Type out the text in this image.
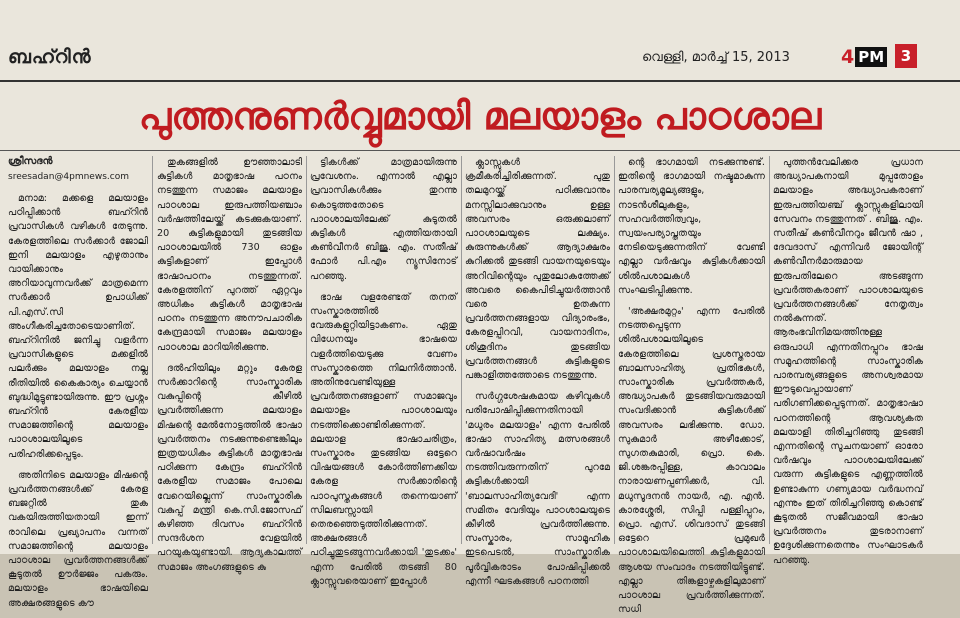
ബഹ്റിൻ	വെള്ളി, മാർച്ച് 15, 2013	4 PM	3
പുത്തനുണർവ്വുമായി മലയാളം പാഠശാല
ശ്രീസദൻ
sreesadan@4pmnews.com

മനാമ: മക്കളെ മലയാളം പഠിപ്പിക്കാൻ ബഹ്റിൻ പ്രവാസികൾ വഴികൾ തേടുന്നു. കേരളത്തിലെ സർക്കാർ ജോലി ഇനി മലയാളം എഴുതാനും വായിക്കാനും അറിയാവുന്നവർക്ക് മാത്രമെന്ന സർക്കാർ ഉപാധിക്ക് പി.എസ്.സി അംഗീകരിച്ചതോടെയാണിത്. ബഹ്റിനിൽ ജനിച്ചു വളർന്ന പ്രവാസികളുടെ മക്കളിൽ പലർക്കും മലയാളം നല്ല രീതിയിൽ കൈകാര്യം ചെയ്യാൻ ബുദ്ധിമുട്ടുണ്ടായിരുന്നു. ഈ പ്രശ്നം ബഹ്റിൻ കേരളീയ സമാജത്തിന്റെ മലയാളം പാഠശാലയിലൂടെ പരിഹരിക്കപ്പെടും.

അതിനിടെ മലയാളം മിഷന്റെ പ്രവർത്തനങ്ങൾക്ക് കേരള ബജറ്റിൽ തുക വകയിരുത്തിയതായി ഇന്ന് രാവിലെ പ്രഖ്യാപനം വന്നത് സമാജത്തിന്റെ മലയാളം പാഠശാല പ്രവർത്തനങ്ങൾക്ക് കൂടുതൽ ഊർജ്ജം പകരും. മലയാളം ഭാഷയിലെ അക്ഷരങ്ങളുടെ കൗ

തുകങ്ങളിൽ ഊഞ്ഞാലാടി കുട്ടികൾ മാതൃഭാഷ പഠനം നടത്തുന്ന സമാജം മലയാളം പാഠശാല ഇരുപത്തിയഞ്ചാം വർഷത്തിലേയ്ക്ക് കടക്കുകയാണ്. 20 കുട്ടികളുമായി തുടങ്ങിയ പാഠശാലയിൽ 730 ഓളം കുട്ടികളാണ് ഇപ്പോൾ ഭാഷാപഠനം നടത്തുന്നത്. കേരളത്തിന് പുറത്ത് ഏറ്റവും അധികം കുട്ടികൾ മാതൃഭാഷ പഠനം നടത്തുന്ന അനൗപചാരിക കേന്ദ്രമായി സമാജം മലയാളം പാഠശാല മാറിയിരിക്കുന്നു.

ദൽഹിയിലും മറ്റും കേരള സർക്കാറിന്റെ സാംസ്കാരിക വകുപ്പിന്റെ കീഴിൽ പ്രവർത്തിക്കുന്ന മലയാളം മിഷന്റെ മേൽനോട്ടത്തിൽ ഭാഷാ പ്രവർത്തനം നടക്കുന്നുണ്ടെങ്കിലും ഇത്രയധികം കുട്ടികൾ മാതൃഭാഷ പഠിക്കുന്ന കേന്ദ്രം ബഹ്റിൻ കേരളീയ സമാജം പോലെ വേറെയില്ലെന്ന് സാംസ്കാരിക വകുപ്പ് മന്ത്രി കെ.സി.ജോസഫ് കഴിഞ്ഞ ദിവസം ബഹ്റിൻ സന്ദർശന വേളയിൽ പറയുകയുണ്ടായി. ആദ്യകാലത്ത് സമാജം അംഗങ്ങളുടെ കു

ട്ടികൾക്ക് മാത്രമായിരുന്നു പ്രവേശനം. എന്നാൽ എല്ലാ പ്രവാസികൾക്കും തുറന്നു കൊടുത്തതോടെ പാഠശാലയിലേക്ക് കുടുതൽ കുട്ടികൾ എത്തിയതായി കൺവീനർ ബിജു. എം. സതീഷ് ഫോർ പി.എം ന്യൂസിനോട് പറഞ്ഞു.

ഭാഷ വളരേണ്ടത് തനത് സംസ്കാരത്തിൽ വേരുകളുറ്റിയിട്ടാകണം. ഏതു വിധേനയും ഭാഷയെ വളർത്തിയെടുക്കു വേണം സംസ്കാരത്തെ നിലനിർത്താൻ. അതിനുവേണ്ടിയുള്ള പ്രവർത്തനങ്ങളാണ് സമാജവും മലയാളം പാഠശാലയും നടത്തിക്കൊണ്ടിരിക്കുന്നത്. മലയാള ഭാഷാചരിത്രം, സംസ്കാരം തുടങ്ങിയ ഒട്ടേറെ വിഷയങ്ങൾ കോർത്തിണക്കിയ കേരള സർക്കാരിന്റെ പാഠപുസ്തകങ്ങൾ തന്നെയാണ് സിലബസ്സായി തെരഞ്ഞെടുത്തിരിക്കുന്നത്. അക്ഷരങ്ങൾ പഠിച്ചുതുടങ്ങുന്നവർക്കായി 'തുടക്കം' എന്ന പേരിൽ തടങ്ങി 80 ക്ലാസ്സുവരെയാണ് ഇപ്പോൾ

ക്ലാസ്സുകൾ ക്രമീകരിച്ചിരിക്കുന്നത്. പുതു തലമുറയ്ക്ക് പഠിക്കുവാനും മനസ്സിലാക്കുവാനും ഉള്ള അവസരം ഒരുക്കലാണ് പാഠശാലയുടെ ലക്ഷ്യം. കുരുന്നുകൾക്ക് ആദ്യാക്ഷരം കുറിക്കൽ തുടങ്ങി വായനയുടെയും അറിവിന്റെയും പുതുലോകത്തേക്ക് അവരെ കൈപിടിച്ചുയർത്താൻ വരെ ഉതകുന്ന പ്രവർത്തനങ്ങളായ വിദ്യാരംഭം, കേരളപ്പിറവി, വായനാദിനം, ശിശുദിനം തുടങ്ങിയ പ്രവർത്തനങ്ങൾ കുട്ടികളുടെ പങ്കാളിത്തത്തോടെ നടത്തുന്നു.

സർഗ്ഗശേഷകമായ കഴിവുകൾ പരിപോഷിപ്പിക്കുന്നതിനായി 'മധുരം മലയാളം' എന്ന പേരിൽ ഭാഷാ സാഹിത്യ മത്സരങ്ങൾ വർഷാവർഷം നടത്തിവരുന്നതിന് പുറമേ കുട്ടികൾക്കായി 'ബാലസാഹിത്യവേദി' എന്ന സമിതം വേദിയും പാഠശാലയുടെ കീഴിൽ പ്രവർത്തിക്കുന്നു. സംസ്കാരം, സാമൂഹിക ഇടപെടൽ, സാംസ്കാരിക പൂർവ്വികരാടം പോഷിപ്പിക്കൽ എന്നീ ഘടകങ്ങൾ പഠനത്തി

ന്റെ ഭാഗമായി നടക്കുന്നുണ്ട്. ഇതിന്റെ ഭാഗമായി നഷ്ടമാകുന്ന പാരമ്പര്യമൂല്യങ്ങളും, നാടൻശീലുകളും, സഹവർത്തിത്വവും, സ്വയംപര്യാപ്തതയും നേടിയെടുക്കുന്നതിന് വേണ്ടി എല്ലാ വർഷവും കുട്ടികൾക്കായി ശിൽപശാലകൾ സംഘടിപ്പിക്കുന്നു.

'അക്ഷരമുറ്റം' എന്ന പേരിൽ നടത്തപ്പെടുന്ന ശിൽപശാലയിലൂടെ കേരളത്തിലെ പ്രശസ്തരായ ബാലസാഹിത്യ പ്രതിഭകൾ, സാംസ്കാരിക പ്രവർത്തകർ, അദ്ധ്യാപകർ തുടങ്ങിയവരുമായി സംവദിക്കാൻ കുട്ടികൾക്ക് അവസരം ലഭിക്കുന്നു. ഡോ. സുകുമാർ അഴീക്കോട്, സുഗതകുമാരി, പ്രൊ. കെ. ജി.ശങ്കരപ്പിള്ള, കാവാലം നാരായണപ്പണിക്കർ, വി. മധുസൂദനൻ നായർ, എ. എൻ. കാരശ്ശേരി, സിപ്പി പള്ളിപ്പുറം, പ്രൊ. എസ്. ശിവദാസ് തുടങ്ങി ഒട്ടേറെ പ്രമുഖർ പാഠശാലയിലെത്തി കുട്ടികളുമായി ആശയ സംവാദം നടത്തിയിട്ടുണ്ട്. എല്ലാ തിങ്കളാഴ്ചകളിലുമാണ് പാഠശാല പ്രവർത്തിക്കുന്നത്. സധി

പുത്തൻവേലിക്കര പ്രധാന അദ്ധ്യാപകനായി മുപ്പതോളം മലയാളം അദ്ധ്യാപകരാണ് ഇരുപത്തിയഞ്ച് ക്ലാസ്സുകളിലായി സേവനം നടത്തുന്നത് . ബിജു. എം. സതീഷ് കൺവീനറും ജീവൻ ഷാ , ദേവദാസ് എന്നിവർ ജോയിന്റ് കൺവീനർമാരുമായ ഇരുപതിലേറെ അടങ്ങുന്ന പ്രവർത്തകരാണ് പാഠശാലയുടെ പ്രവർത്തനങ്ങൾക്ക് നേതൃത്വം നൽകുന്നത്. ആരംഭവിനിമയത്തിനുള്ള ഒരുപാധി എന്നതിനപ്പുറം ഭാഷ സമൂഹത്തിന്റെ സാംസ്കാരിക പാരമ്പര്യങ്ങളുടെ അനശ്വരമായ ഈടുവെപ്പായാണ് പരിഗണിക്കപ്പെടുന്നത്. മാതൃഭാഷാ പഠനത്തിന്റെ ആവശ്യകത മലയാളി തിരിച്ചറിഞ്ഞു തുടങ്ങി എന്നതിന്റെ സൂചനയാണ് ഓരോ വർഷവും പാഠശാലയിലേക്ക് വരുന്ന കുട്ടികളുടെ എണ്ണത്തിൽ ഉണ്ടാകുന്ന ഗണ്യമായ വർദ്ധനവ് എന്നും ഇത് തിരിച്ചറിഞ്ഞു കൊണ്ട് കൂടുതൽ സജീവമായി ഭാഷാ പ്രവർത്തനം തുടരാനാണ് ഉദ്ദേശിക്കുന്നതെന്നും സംഘാടകർ പറഞ്ഞു.
